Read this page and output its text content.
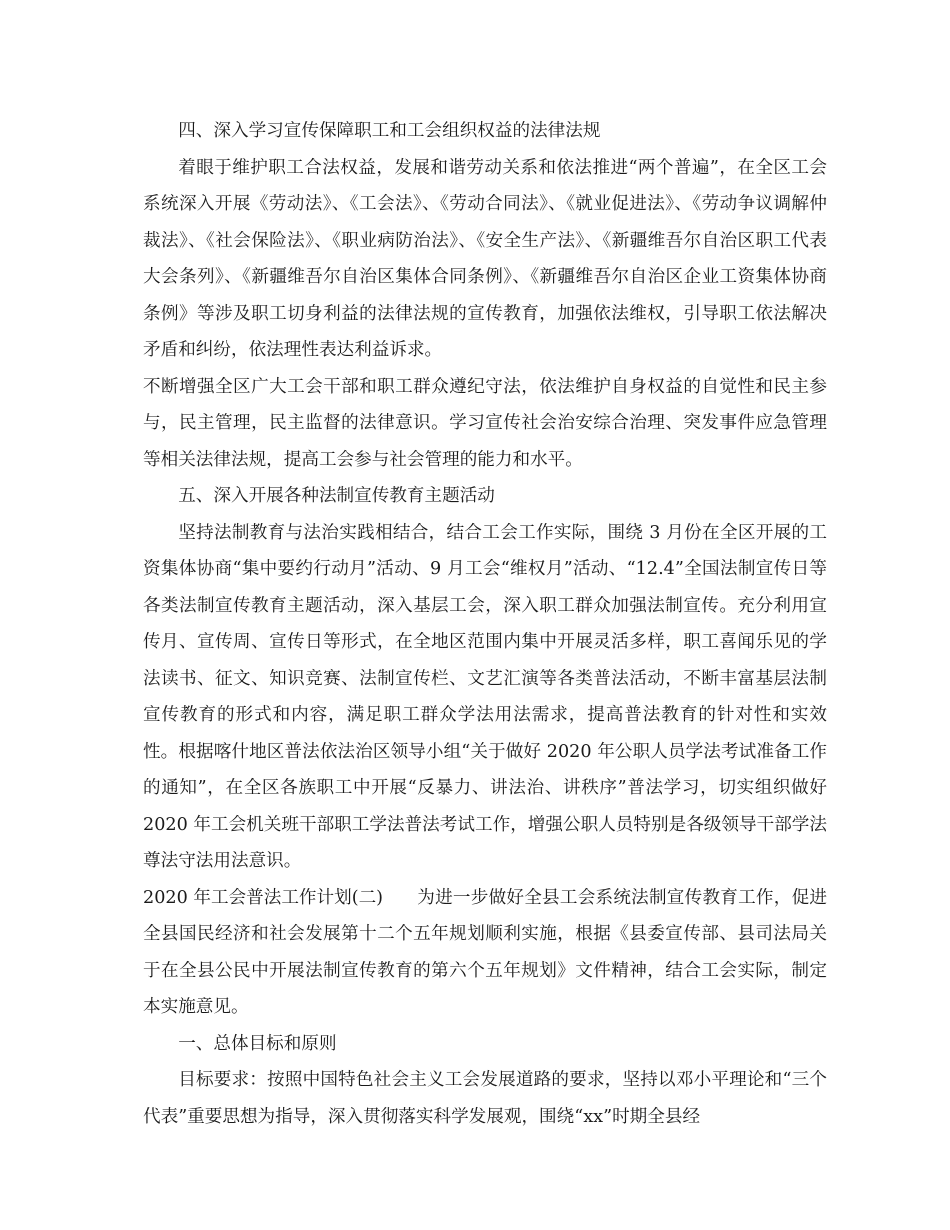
四、深入学习宣传保障职工和工会组织权益的法律法规

着眼于维护职工合法权益，发展和谐劳动关系和依法推进“两个普遍”，在全区工会系统深入开展《劳动法》、《工会法》、《劳动合同法》、《就业促进法》、《劳动争议调解仲裁法》、《社会保险法》、《职业病防治法》、《安全生产法》、《新疆维吾尔自治区职工代表大会条列》、《新疆维吾尔自治区集体合同条例》、《新疆维吾尔自治区企业工资集体协商条例》等涉及职工切身利益的法律法规的宣传教育，加强依法维权，引导职工依法解决矛盾和纠纷，依法理性表达利益诉求。

不断增强全区广大工会干部和职工群众遵纪守法，依法维护自身权益的自觉性和民主参与，民主管理，民主监督的法律意识。学习宣传社会治安综合治理、突发事件应急管理等相关法律法规，提高工会参与社会管理的能力和水平。

五、深入开展各种法制宣传教育主题活动

坚持法制教育与法治实践相结合，结合工会工作实际，围绕 3 月份在全区开展的工资集体协商“集中要约行动月”活动、9 月工会“维权月”活动、“12.4”全国法制宣传日等各类法制宣传教育主题活动，深入基层工会，深入职工群众加强法制宣传。充分利用宣传月、宣传周、宣传日等形式，在全地区范围内集中开展灵活多样，职工喜闻乐见的学法读书、征文、知识竞赛、法制宣传栏、文艺汇演等各类普法活动，不断丰富基层法制宣传教育的形式和内容，满足职工群众学法用法需求，提高普法教育的针对性和实效性。根据喀什地区普法依法治区领导小组“关于做好 2020 年公职人员学法考试准备工作的通知”，在全区各族职工中开展“反暴力、讲法治、讲秩序”普法学习，切实组织做好 2020 年工会机关班干部职工学法普法考试工作，增强公职人员特别是各级领导干部学法尊法守法用法意识。

2020 年工会普法工作计划(二) 为进一步做好全县工会系统法制宣传教育工作，促进全县国民经济和社会发展第十二个五年规划顺利实施，根据《县委宣传部、县司法局关于在全县公民中开展法制宣传教育的第六个五年规划》文件精神，结合工会实际，制定本实施意见。

一、总体目标和原则

目标要求：按照中国特色社会主义工会发展道路的要求，坚持以邓小平理论和“三个代表”重要思想为指导，深入贯彻落实科学发展观，围绕“xx”时期全县经
